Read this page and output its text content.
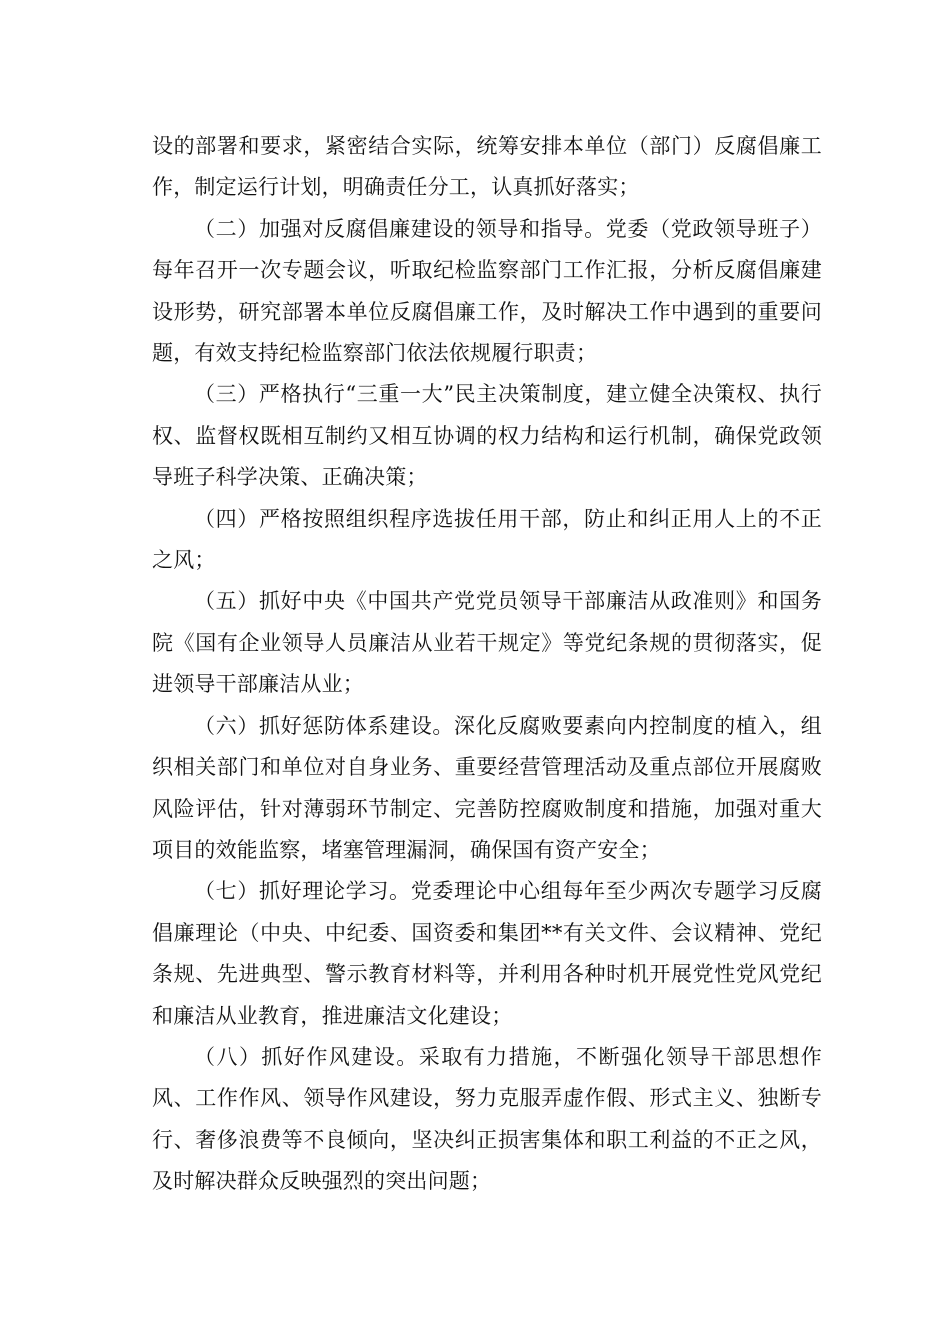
设的部署和要求，紧密结合实际，统筹安排本单位（部门）反腐倡廉工作，制定运行计划，明确责任分工，认真抓好落实；

（二）加强对反腐倡廉建设的领导和指导。党委（党政领导班子）每年召开一次专题会议，听取纪检监察部门工作汇报，分析反腐倡廉建设形势，研究部署本单位反腐倡廉工作，及时解决工作中遇到的重要问题，有效支持纪检监察部门依法依规履行职责；

（三）严格执行“三重一大”民主决策制度，建立健全决策权、执行权、监督权既相互制约又相互协调的权力结构和运行机制，确保党政领导班子科学决策、正确决策；

（四）严格按照组织程序选拔任用干部，防止和纠正用人上的不正之风；

（五）抓好中央《中国共产党党员领导干部廉洁从政准则》和国务院《国有企业领导人员廉洁从业若干规定》等党纪条规的贯彻落实，促进领导干部廉洁从业；

（六）抓好惩防体系建设。深化反腐败要素向内控制度的植入，组织相关部门和单位对自身业务、重要经营管理活动及重点部位开展腐败风险评估，针对薄弱环节制定、完善防控腐败制度和措施，加强对重大项目的效能监察，堵塞管理漏洞，确保国有资产安全；

（七）抓好理论学习。党委理论中心组每年至少两次专题学习反腐倡廉理论（中央、中纪委、国资委和集团**有关文件、会议精神、党纪条规、先进典型、警示教育材料等，并利用各种时机开展党性党风党纪和廉洁从业教育，推进廉洁文化建设；

（八）抓好作风建设。采取有力措施，不断强化领导干部思想作风、工作作风、领导作风建设，努力克服弄虚作假、形式主义、独断专行、奢侈浪费等不良倾向，坚决纠正损害集体和职工利益的不正之风，及时解决群众反映强烈的突出问题；
